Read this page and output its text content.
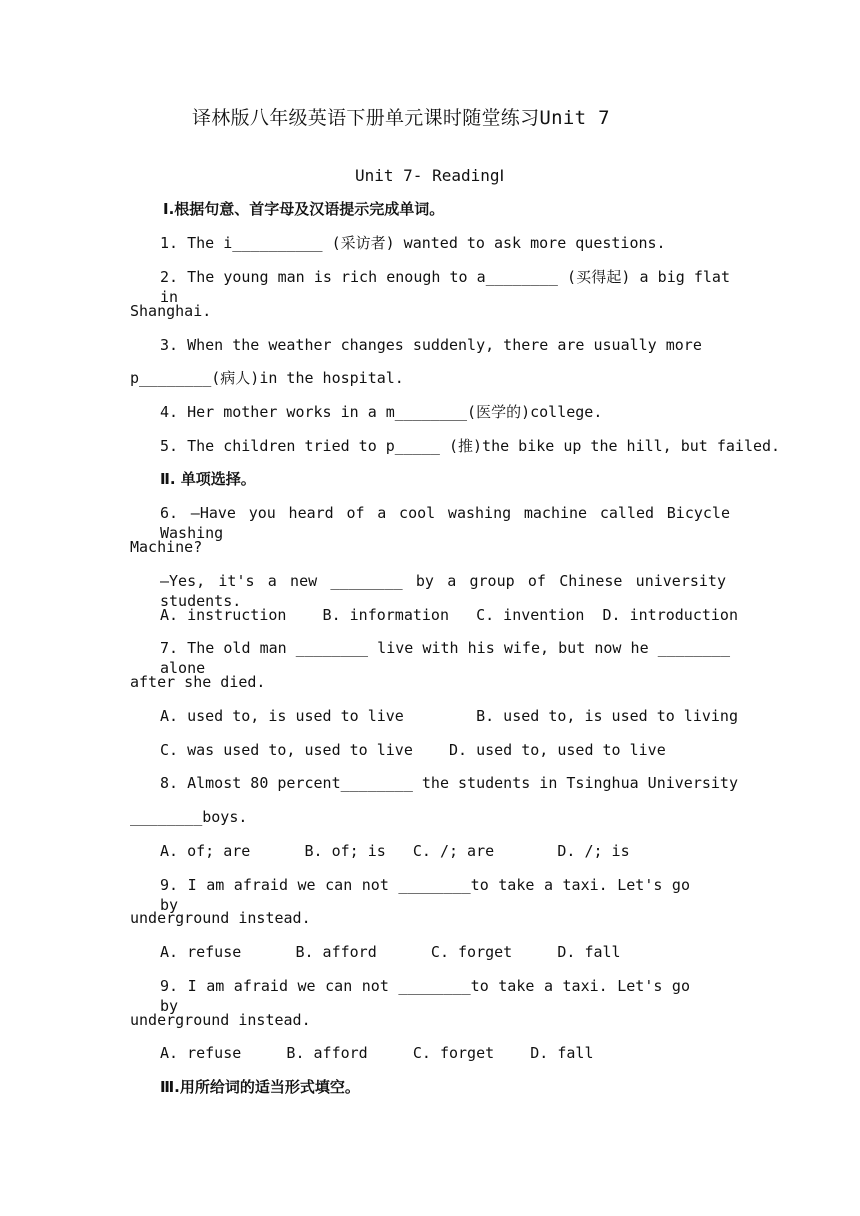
译林版八年级英语下册单元课时随堂练习Unit 7
Unit 7- ReadingⅠ
Ⅰ.根据句意、首字母及汉语提示完成单词。
1. The i__________ (采访者) wanted to ask more questions.
2. The young man is rich enough to a________ (买得起) a big flat in
Shanghai.
3. When the weather changes suddenly, there are usually more
p________(病人)in the hospital.
4. Her mother works in a m________(医学的)college.
5. The children tried to p_____ (推)the bike up the hill, but failed.
Ⅱ. 单项选择。
6. —Have you heard of a cool washing machine called Bicycle Washing
Machine?
—Yes, it's a new ________ by a group of Chinese university students.
A. instruction    B. information   C. invention  D. introduction
7. The old man ________ live with his wife, but now he ________ alone
after she died.
A. used to, is used to live        B. used to, is used to living
C. was used to, used to live    D. used to, used to live
8. Almost 80 percent________ the students in Tsinghua University
________boys.
A. of; are      B. of; is   C. /; are       D. /; is
9. I am afraid we can not ________to take a taxi. Let's go by
underground instead.
A. refuse      B. afford      C. forget     D. fall
9. I am afraid we can not ________to take a taxi. Let's go by
underground instead.
A. refuse     B. afford     C. forget    D. fall
Ⅲ.用所给词的适当形式填空。
